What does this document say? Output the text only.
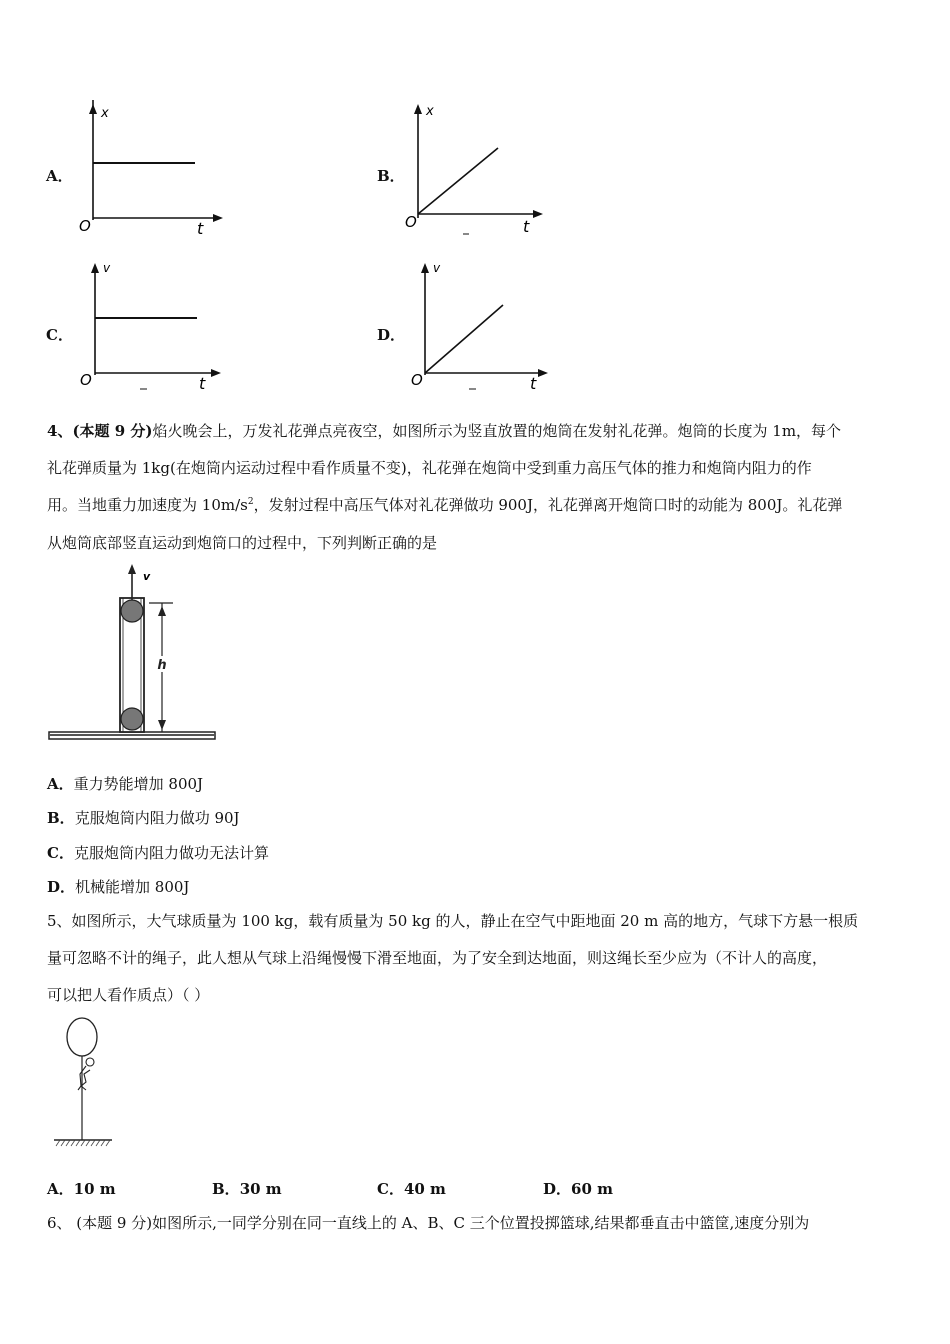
A．
x
O	t
B．
x
O	t
C．
v
O	t
D．
v
O	t
4、(本题 9 分)焰火晚会上，万发礼花弹点亮夜空，如图所示为竖直放置的炮筒在发射礼花弹。炮筒的长度为 1m，每个
礼花弹质量为 1kg(在炮筒内运动过程中看作质量不变)，礼花弹在炮筒中受到重力高压气体的推力和炮筒内阻力的作
用。当地重力加速度为 $10m/s^2$，发射过程中高压气体对礼花弹做功 900J，礼花弹离开炮筒口时的动能为 800J。礼花弹
从炮筒底部竖直运动到炮筒口的过程中，下列判断正确的是
v
h
A．重力势能增加 800J
B．克服炮筒内阻力做功 90J
C．克服炮筒内阻力做功无法计算
D．机械能增加 800J
5、如图所示，大气球质量为 100 kg，载有质量为 50 kg 的人，静止在空气中距地面 20 m 高的地方，气球下方悬一根质
量可忽略不计的绳子，此人想从气球上沿绳慢慢下滑至地面，为了安全到达地面，则这绳长至少应为（不计人的高度，
可以把人看作质点）（ ）
A．10 m	B．30 m	C．40 m	D．60 m
6、 (本题 9 分)如图所示,一同学分别在同一直线上的 A、B、C 三个位置投掷篮球,结果都垂直击中篮筐,速度分别为
